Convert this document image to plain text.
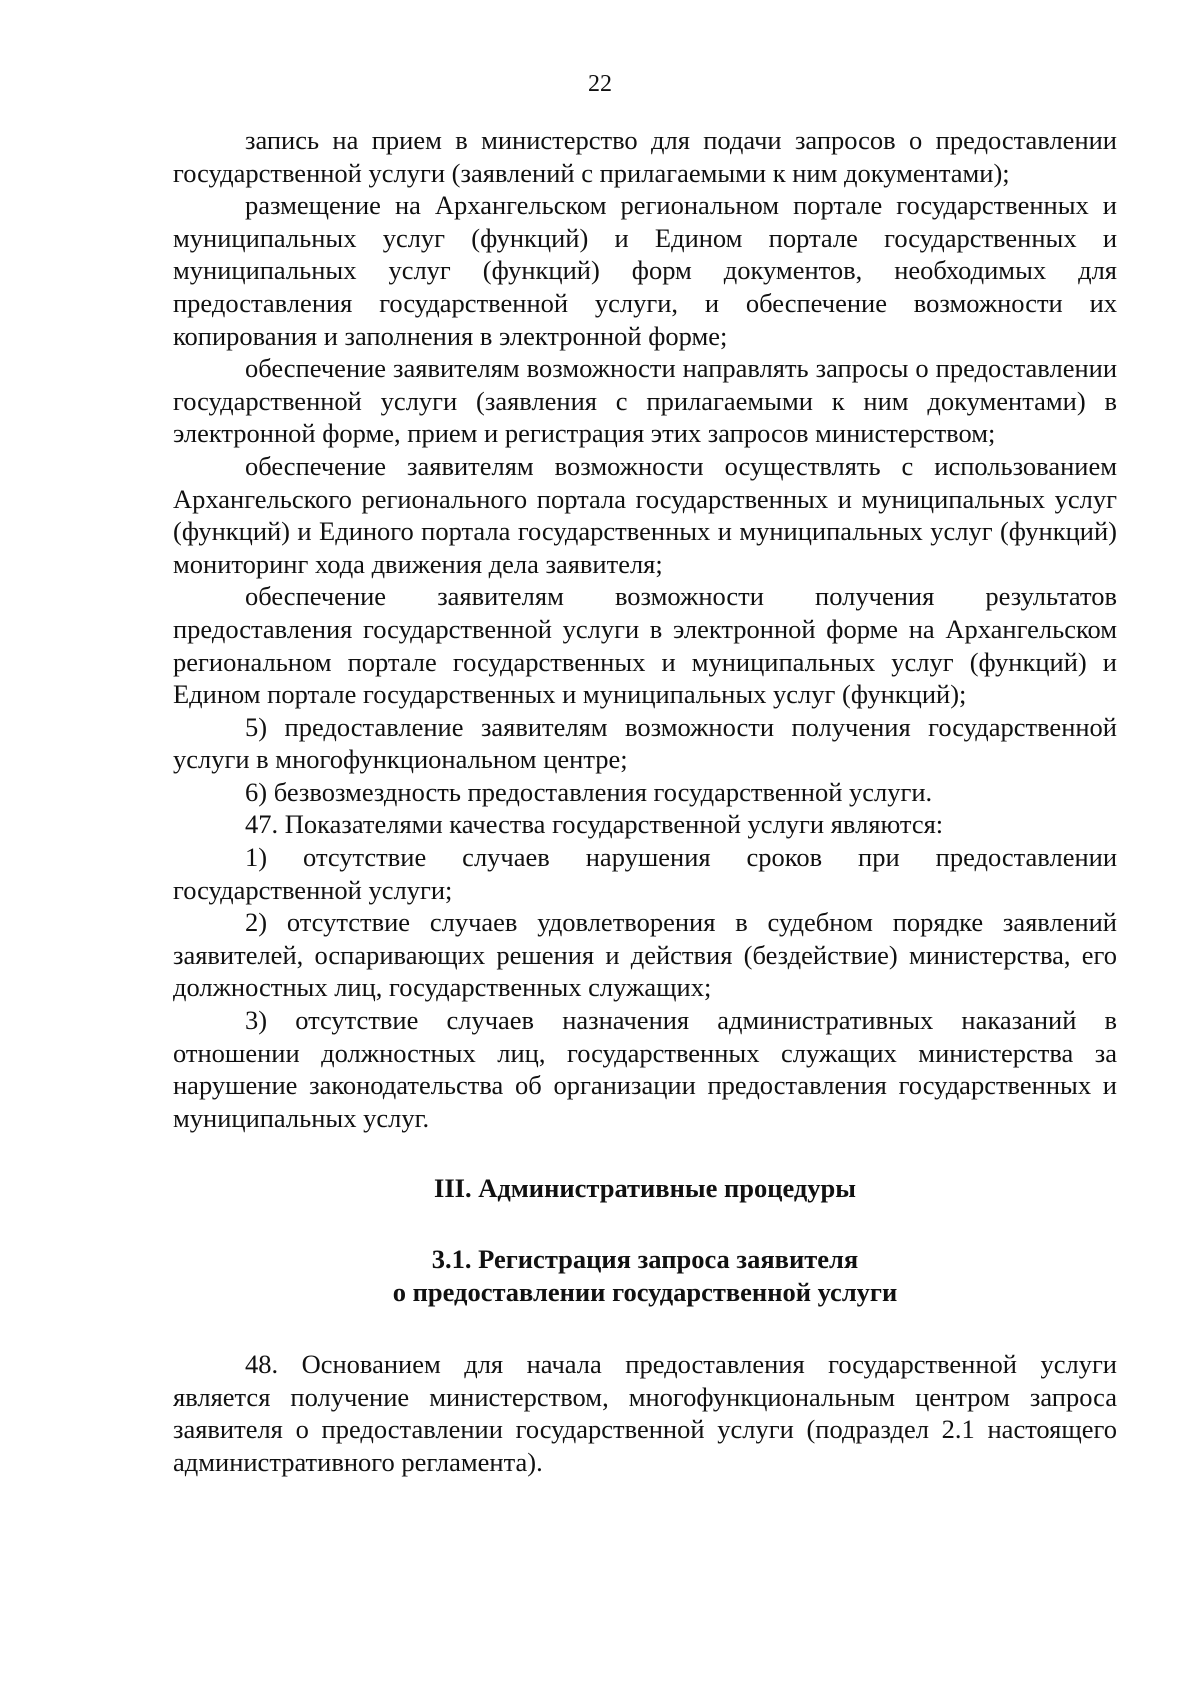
22

запись на прием в министерство для подачи запросов о предоставлении государственной услуги (заявлений с прилагаемыми к ним документами);

размещение на Архангельском региональном портале государственных и муниципальных услуг (функций) и Едином портале государственных и муниципальных услуг (функций) форм документов, необходимых для предоставления государственной услуги, и обеспечение возможности их копирования и заполнения в электронной форме;

обеспечение заявителям возможности направлять запросы о предоставлении государственной услуги (заявления с прилагаемыми к ним документами) в электронной форме, прием и регистрация этих запросов министерством;

обеспечение заявителям возможности осуществлять с использованием Архангельского регионального портала государственных и муниципальных услуг (функций) и Единого портала государственных и муниципальных услуг (функций) мониторинг хода движения дела заявителя;

обеспечение заявителям возможности получения результатов предоставления государственной услуги в электронной форме на Архангельском региональном портале государственных и муниципальных услуг (функций) и Едином портале государственных и муниципальных услуг (функций);

5) предоставление заявителям возможности получения государственной услуги в многофункциональном центре;

6) безвозмездность предоставления государственной услуги.

47. Показателями качества государственной услуги являются:

1) отсутствие случаев нарушения сроков при предоставлении государственной услуги;

2) отсутствие случаев удовлетворения в судебном порядке заявлений заявителей, оспаривающих решения и действия (бездействие) министерства, его должностных лиц, государственных служащих;

3) отсутствие случаев назначения административных наказаний в отношении должностных лиц, государственных служащих министерства за нарушение законодательства об организации предоставления государственных и муниципальных услуг.

III. Административные процедуры
3.1. Регистрация запроса заявителя
о предоставлении государственной услуги

48. Основанием для начала предоставления государственной услуги является получение министерством, многофункциональным центром запроса заявителя о предоставлении государственной услуги (подраздел 2.1 настоящего административного регламента).
